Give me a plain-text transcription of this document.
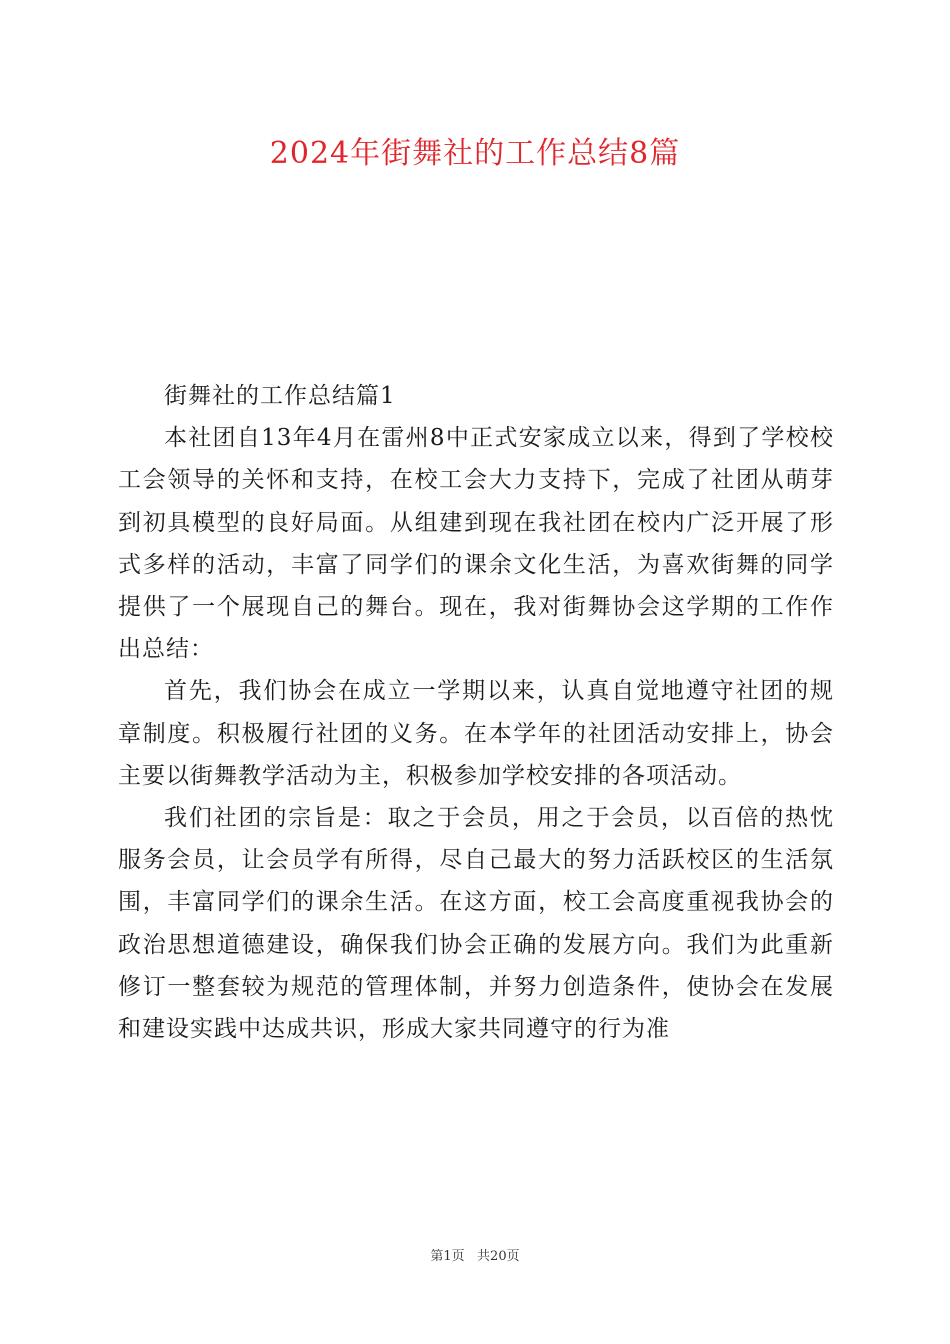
2024年街舞社的工作总结8篇
街舞社的工作总结篇1

本社团自13年4月在雷州8中正式安家成立以来，得到了学校校工会领导的关怀和支持，在校工会大力支持下，完成了社团从萌芽到初具模型的良好局面。从组建到现在我社团在校内广泛开展了形式多样的活动，丰富了同学们的课余文化生活，为喜欢街舞的同学提供了一个展现自己的舞台。现在，我对街舞协会这学期的工作作出总结：

首先，我们协会在成立一学期以来，认真自觉地遵守社团的规章制度。积极履行社团的义务。在本学年的社团活动安排上，协会主要以街舞教学活动为主，积极参加学校安排的各项活动。

我们社团的宗旨是：取之于会员，用之于会员，以百倍的热忱服务会员，让会员学有所得，尽自己最大的努力活跃校区的生活氛围，丰富同学们的课余生活。在这方面，校工会高度重视我协会的政治思想道德建设，确保我们协会正确的发展方向。我们为此重新修订一整套较为规范的管理体制，并努力创造条件，使协会在发展和建设实践中达成共识，形成大家共同遵守的行为准

第1页   共20页
